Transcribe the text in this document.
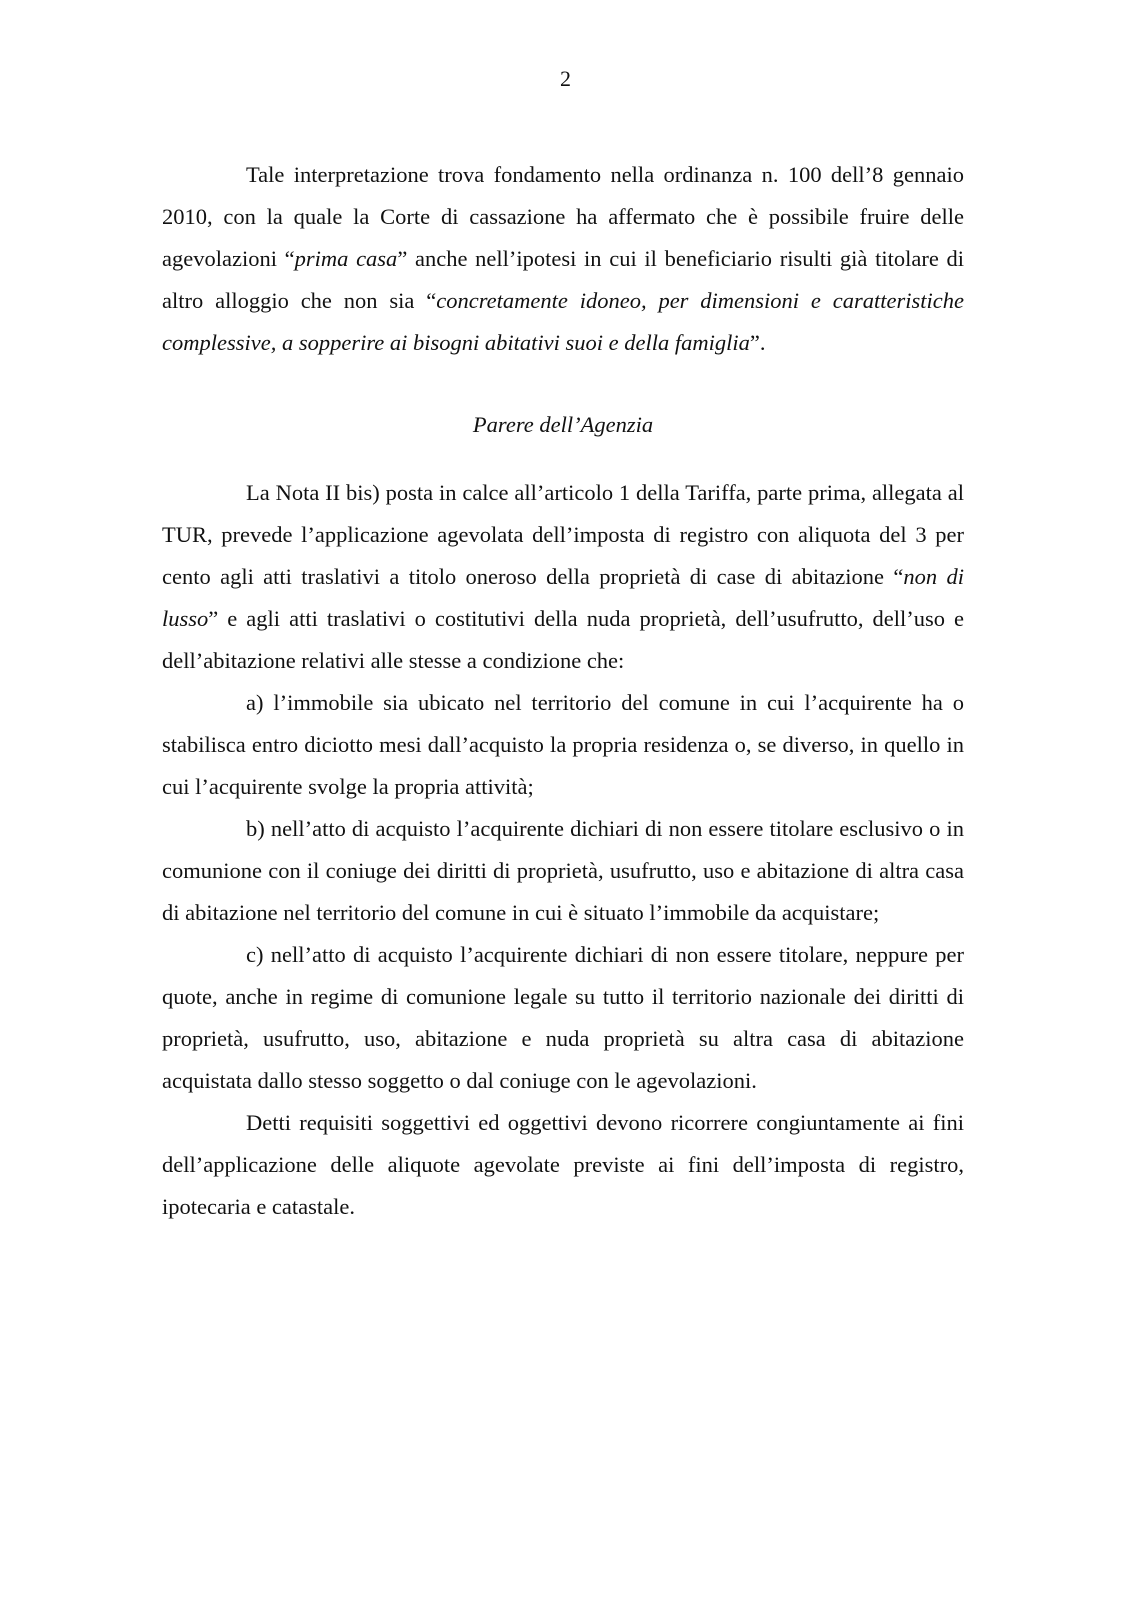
2

Tale interpretazione trova fondamento nella ordinanza n. 100 dell’8 gennaio 2010, con la quale la Corte di cassazione ha affermato che è possibile fruire delle agevolazioni “prima casa” anche nell’ipotesi in cui il beneficiario risulti già titolare di altro alloggio che non sia “concretamente idoneo, per dimensioni e caratteristiche complessive, a sopperire ai bisogni abitativi suoi e della famiglia”.

Parere dell’Agenzia

La Nota II bis) posta in calce all’articolo 1 della Tariffa, parte prima, allegata al TUR, prevede l’applicazione agevolata dell’imposta di registro con aliquota del 3 per cento agli atti traslativi a titolo oneroso della proprietà di case di abitazione “non di lusso” e agli atti traslativi o costitutivi della nuda proprietà, dell’usufrutto, dell’uso e dell’abitazione relativi alle stesse a condizione che:

a) l’immobile sia ubicato nel territorio del comune in cui l’acquirente ha o stabilisca entro diciotto mesi dall’acquisto la propria residenza o, se diverso, in quello in cui l’acquirente svolge la propria attività;

b) nell’atto di acquisto l’acquirente dichiari di non essere titolare esclusivo o in comunione con il coniuge dei diritti di proprietà, usufrutto, uso e abitazione di altra casa di abitazione nel territorio del comune in cui è situato l’immobile da acquistare;

c) nell’atto di acquisto l’acquirente dichiari di non essere titolare, neppure per quote, anche in regime di comunione legale su tutto il territorio nazionale dei diritti di proprietà, usufrutto, uso, abitazione e nuda proprietà su altra casa di abitazione acquistata dallo stesso soggetto o dal coniuge con le agevolazioni.

Detti requisiti soggettivi ed oggettivi devono ricorrere congiuntamente ai fini dell’applicazione delle aliquote agevolate previste ai fini dell’imposta di registro, ipotecaria e catastale.
